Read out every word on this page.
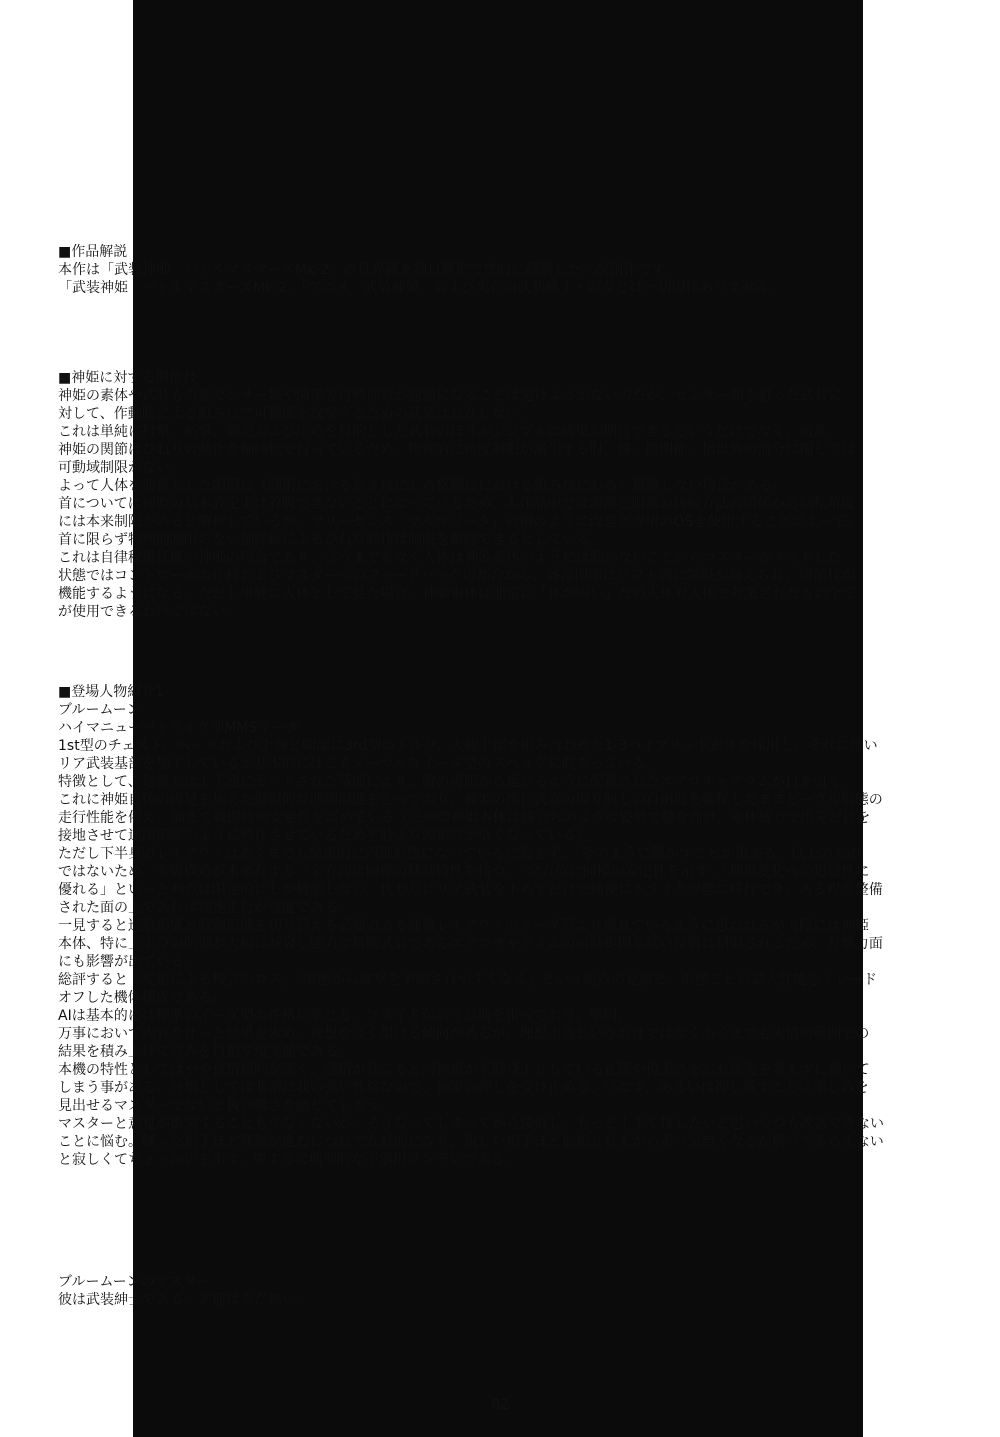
■作品解説
本作は「武装神姫　バトルマスターズMk-2」の世界観を独自解釈で性的に翻訳した二次創作です。
「武装神姫　バトルマスターズMk-2」「アニメ　武装神姫」および実在の武装紳士・淑女とは一切関係ありません。
■神姫に対する関節技
神姫の素体や武装も当然センサー類や関節等可動部分が脆弱になることは避けようがないのだが、センサー類を狙った武装に
対して、作動肢による組み技で可動部を攻撃するための武装は存在しない。
これは単純に打撃、斬撃、刺突および圧迫を目的とした武装のほうがシンプルに成果が期待できるというだけでなく、通常、
神姫の関節はひねりの動作を軸回転で行っているため、物理的に角度制限が派生する肘、膝、股関節、指以外の部分に関しては
可動域制限がない。
よって人体を前提とした関節技（剣術における巻き技にしろ格闘技における組み技にしろ）機能しない場合がある。
首については神姫の基本設定上は着脱できないことになっているため、本作品中では頭部と胴部の接続方法の関係から回転角度
には本来制限があると解釈しているが、マリーセレス「マルガリータ」の例のように改造と専用のOSを使用することによって、
首に限らず物理的制限のない軸回転によるひねり動作は制限を解除できるとしている。
これは自律稼働状態の神姫の場合であり、言うまでもなく人体は神姫素体のようには動かないことからマスターがライドした
状態ではコントロールの仕様およびマスターへのフィードバックの都合から、各部関節にソフト的に制限が加えられ、関節技が
機能するようになる。ただし単純に人体として見た場合、神姫素体は非常に「体が固い」ため人体対人体で考案されたもの全て
が使用できるわけではない。
■登場人物紹介1
ブルームーン
ハイマニューバトライク型MMSイーダ
1st型のチェスト、ヘッドおよび上腕と脚部に3rd型のトルソ、大腿上部を組み合わせた1-3ハイブリッド素体を採用し、それに伴い
リア武装基部を加工しているが基本的にはごくノーマルなイーダ型のスペックに収まっている。
特徴として、通常とは上下逆にセットされた基部により、腰の両側から延びるように配置されたエアロチャクラムが目を引く。
これに神姫自体の両足を加えた擬似的な四脚形態をとっており、神姫の携行武器の取り回しの自由度を確保したままビークル形態の
走行性能を備え、加えて戦闘時の安定性を高めている（この際神姫本体は膝立ちのような姿勢で膝を曲げ、素体後方で爪先だけを
接地させて逆関節脚のように動作させているため平時より頭頂高が低くなっている）。
ただし下半身のレイアウトはあくまでも結果的に四脚形態になっているに過ぎず、「そのように動かすことが出来る」以上のもの
ではないため、多脚構造が本来有する「全方向に同様の移動特性を持つ」「全方位に同様の安定性を示す」「地形変化への追従性に
優れる」といった利点は限定的にしか機能しない。代わりにリア武装を下ろすだけで簡便にトライク形態に移行でき、ある程度整備
された面の上であれば高速走行が可能である。
一見すると巡航形態と戦闘形態を切り替える必要のある通常レイアウトのイーダ型より優れているように思われるが実際には神姫
本体、特に上半身の防御が大幅に減衰し強力な格闘武装であるエアロチャクラムの可動範囲も低い位置に制限されるため、打撃力面
にも影響が出ている。
総評すると「変形による機会のロス」「形態から攻撃を予測されやすくなる」という弱点の克服と、形態ごとの最大性能をトレード
オフした機体構成である。
AIは基本的には標準のイーダ型の性格に準じる。プライドが高く意地を張っており、頑固。
万事において内容を伴った結果を求め、理想を高く掲げる傾向があるが、理想主義というわけではなくあくまでも実情の範囲での
結果を積み上げて高みを目指す現実派である。
本機の特性としてはやや直情傾向が強く、感情が高ぶると同神姫が平時身上としている礼節や優美さを忘れ後先を考えずに動いて
しまう事がある。分類としては非常に我の強い性格なので、神姫の押しを受け止める、いなす、あるいは押し返すことに楽しみを
見出せるマスターでないと扱い難さを感じてしまう。
マスターと意見が衝突することも少なくないが、そうなってしまってから後悔し、もっと上手く接したいと思いつつも改善できない
ことに悩む。嫌った相手ほど理解が進むにつれて友好的になり、親しい相手ほど信頼と甘えから素っ気無くなるが構ってもらえない
と寂しくてちょっかいを出す。要するに典型的な不器用ツンデレである。
ブルームーンのマスター
彼は武装紳士である。名前はまだ無い。
02
